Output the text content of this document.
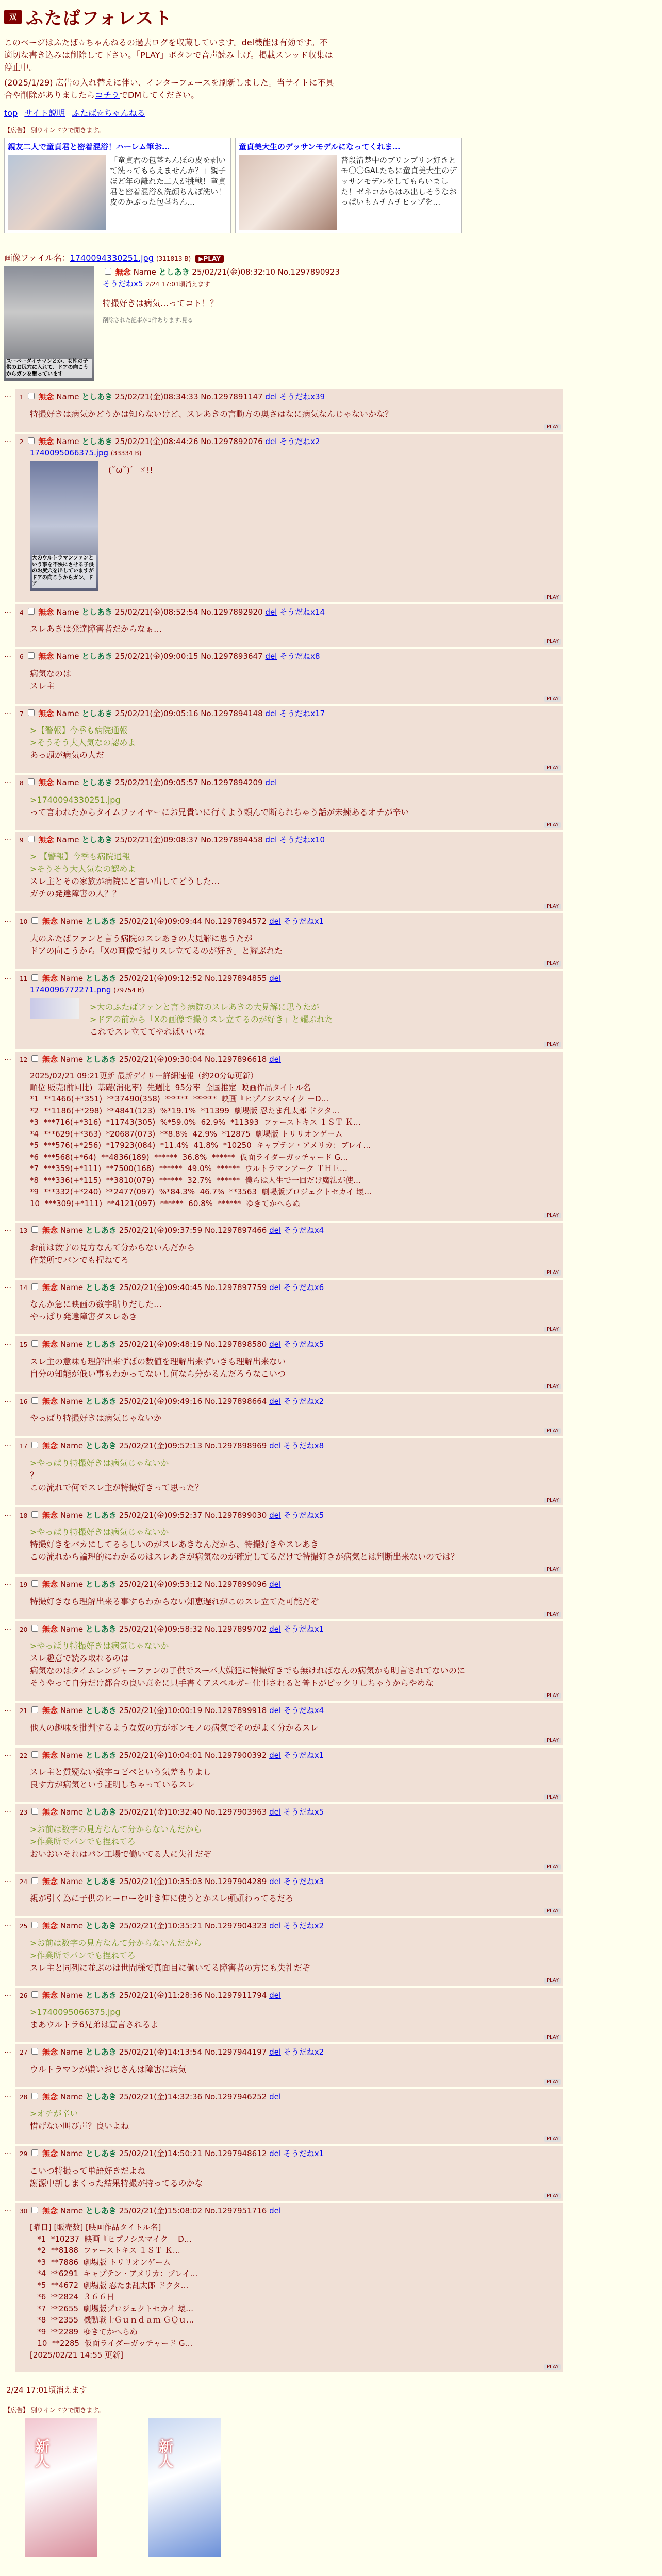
双 ふたばフォレスト

このページはふたば☆ちゃんねるの過去ログを収蔵しています。del機能は有効です。不適切な書き込みは削除して下さい。「PLAY」ボタンで音声読み上げ。掲載スレッド収集は停止中。

(2025/1/29) 広告の入れ替えに伴い、インターフェースを刷新しました。当サイトに不具合や削除がありましたらコチラでDMしてください。

top サイト説明 ふたば☆ちゃんねる
【広告】 別ウインドウで開きます。
親友二人で童貞君と密着混浴！ハーレム筆お…
「童貞君の包茎ちんぽの皮を剥いて洗ってもらえませんか？」親子ほど年の離れた二人が挑戦！童貞君と密着混浴＆洗顔ちんぽ洗い！皮のかぶった包茎ちん…
童貞美大生のデッサンモデルになってくれま…
普段清楚中のブリンプリン好きとモ〇〇GALたちに童貞美大生のデッサンモデルをしてもらいました！ゼネコからはみ出しそうなおっぱいもムチムチヒップを…
画像ファイル名：1740094330251.jpg (311813 B) ▶PLAY
スーパーダイナマンとか、女性の子供のお尻穴に入れて、ドアの向こうからガンを撃っています
無念 Name としあき 25/02/21(金)08:32:10 No.1297890923
そうだねx5 2/24 17:01頃消えます
特撮好きは病気…ってコト！？
削除された記事が1件あります.見る
…	1 無念 Name としあき 25/02/21(金)08:34:33 No.1297891147 del そうだねx39
特撮好きは病気かどうかは知らないけど、スレあきの言動方の奥さはなに病気なんじゃないかな？
PLAY
…	2 無念 Name としあき 25/02/21(金)08:44:26 No.1297892076 del そうだねx2
1740095066375.jpg (33334 B)
大のウルトラマンファンという事を不快にさせる子供のお尻穴を出していますがドアの向こうからガン、ドア
(˘ω˘)゛ゞ!!
PLAY
…	4 無念 Name としあき 25/02/21(金)08:52:54 No.1297892920 del そうだねx14
スレあきは発達障害者だからなぁ…
PLAY
…	6 無念 Name としあき 25/02/21(金)09:00:15 No.1297893647 del そうだねx8
病気なのは
スレ主
PLAY
…	7 無念 Name としあき 25/02/21(金)09:05:16 No.1297894148 del そうだねx17
>【警報】今季も病院通報
>そうそう大人気なの認めよ
あっ頭が病気の人だ
PLAY
…	8 無念 Name としあき 25/02/21(金)09:05:57 No.1297894209 del
>1740094330251.jpg
って言われたからタイムファイヤーにお兄貴いに行くよう頼んで断られちゃう話が未練あるオチが辛い
PLAY
…	9 無念 Name としあき 25/02/21(金)09:08:37 No.1297894458 del そうだねx10
> 【警報】今季も病院通報
>そうそう大人気なの認めよ
スレ主とその家族が病院にど言い出してどうした…
ガチの発達障害の人？？
PLAY
…	10 無念 Name としあき 25/02/21(金)09:09:44 No.1297894572 del そうだねx1
大のふたばファンと言う病院のスレあきの大見解に思うたが
ドアの向こうから「Xの画像で撮りスレ立てるのが好き」と耀ぶれた
PLAY
…	11 無念 Name としあき 25/02/21(金)09:12:52 No.1297894855 del
1740096772271.png (79754 B)
>大のふたばファンと言う病院のスレあきの大見解に思うたが
>ドアの前から「Xの画像で撮りスレ立てるのが好き」と耀ぶれた
これでスレ立ててやればいいな
PLAY
…	12 無念 Name としあき 25/02/21(金)09:30:04 No.1297896618 del
2025/02/21 09:21更新 最新デイリー詳細速報（約20分毎更新）
順位 販売(前回比)  基礎(消化率)  先週比  95分率  全国推定  映画作品タイトル名
*1  **1466(+*351)  **37490(358)  ******  ******  映画『ヒプノシスマイク －D…
*2  **1186(+*298)  **4841(123)  %*19.1%  *11399  劇場版 忍たま乱太郎 ドクタ…
*3  ***716(+*316)  *11743(305)  %*59.0%  62.9%  *11393  ファーストキス １ＳＴ Ｋ…
*4  ***629(+*363)  *20687(073)  **8.8%  42.9%  *12875  劇場版 トリリオンゲーム
*5  ***576(+*256)  *17923(084)  *11.4%  41.8%  *10250  キャプテン・アメリカ：ブレイ…
*6  ***568(+*64)  **4836(189)  ******  36.8%  ******  仮面ライダーガッチャード G…
*7  ***359(+*111)  **7500(168)  ******  49.0%  ******  ウルトラマンアーク ＴＨＥ…
*8  ***336(+*115)  **3810(079)  ******  32.7%  ******  僕らは人生で一回だけ魔法が使…
*9  ***332(+*240)  **2477(097)  %*84.3%  46.7%  **3563  劇場版プロジェクトセカイ 壊…
10  ***309(+*111)  **4121(097)  ******  60.8%  ******  ゆきてかへらぬ
PLAY
…	13 無念 Name としあき 25/02/21(金)09:37:59 No.1297897466 del そうだねx4
お前は数字の見方なんて分からないんだから
作業所でパンでも捏ねてろ
PLAY
…	14 無念 Name としあき 25/02/21(金)09:40:45 No.1297897759 del そうだねx6
なんか急に映画の数字貼りだした…
やっぱり発達障害ダスレあき
PLAY
…	15 無念 Name としあき 25/02/21(金)09:48:19 No.1297898580 del そうだねx5
スレ主の意味も理解出来ずぱの数値を理解出来ずいきも理解出来ない
自分の知能が低い事もわかってないし何なら分かるんだろうなこいつ
PLAY
…	16 無念 Name としあき 25/02/21(金)09:49:16 No.1297898664 del そうだねx2
やっぱり特撮好きは病気じゃないか
PLAY
…	17 無念 Name としあき 25/02/21(金)09:52:13 No.1297898969 del そうだねx8
>やっぱり特撮好きは病気じゃないか
？
この流れで何でスレ主が特撮好きって思った？
PLAY
…	18 無念 Name としあき 25/02/21(金)09:52:37 No.1297899030 del そうだねx5
>やっぱり特撮好きは病気じゃないか
特撮好きをバカにしてるらしいのがスレあきなんだから、特撮好きやスレあき
この流れから論理的にわかるのはスレあきが病気なのが確定してるだけで特撮好きが病気とは判断出来ないのでは？
PLAY
…	19 無念 Name としあき 25/02/21(金)09:53:12 No.1297899096 del
特撮好きなら理解出来る事すらわからない知恵遅れがこのスレ立てた可能だぞ
PLAY
…	20 無念 Name としあき 25/02/21(金)09:58:32 No.1297899702 del そうだねx1
>やっぱり特撮好きは病気じゃないか
スレ趣意で読み取れるのは
病気なのはタイムレンジャーファンの子供でスーパ大嫌犯に特撮好きでも無ければなんの病気かも明言されてないのに
そうやって自分だけ都合の良い意をに只手書くアスペルガー仕事されると普トがビックリしちゃうからやめな
PLAY
…	21 無念 Name としあき 25/02/21(金)10:00:19 No.1297899918 del そうだねx4
他人の趣味を批判するような奴の方がボンモノの病気でそのがよく分かるスレ
PLAY
…	22 無念 Name としあき 25/02/21(金)10:04:01 No.1297900392 del そうだねx1
スレ主と質疑ない数字コピペという気差もりよし
良す方が病気という証明しちゃっているスレ
PLAY
…	23 無念 Name としあき 25/02/21(金)10:32:40 No.1297903963 del そうだねx5
>お前は数字の見方なんて分からないんだから
>作業所でパンでも捏ねてろ
おいおいそれはパン工場で働いてる人に失礼だぞ
PLAY
…	24 無念 Name としあき 25/02/21(金)10:35:03 No.1297904289 del そうだねx3
親が引く為に子供のヒーローを叶き伸に使うとかスレ頭頭わってるだろ
PLAY
…	25 無念 Name としあき 25/02/21(金)10:35:21 No.1297904323 del そうだねx2
>お前は数字の見方なんて分からないんだから
>作業所でパンでも捏ねてろ
スレ主と同列に並ぶのは世間様で真面目に働いてる障害者の方にも失礼だぞ
PLAY
…	26 無念 Name としあき 25/02/21(金)11:28:36 No.1297911794 del
>1740095066375.jpg
まあウルトラ6兄弟は宣言されるよ
PLAY
…	27 無念 Name としあき 25/02/21(金)14:13:54 No.1297944197 del そうだねx2
ウルトラマンが嫌いおじさんは障害に病気
PLAY
…	28 無念 Name としあき 25/02/21(金)14:32:36 No.1297946252 del
>オチが辛い
惜げない叫び声？良いよね
PLAY
…	29 無念 Name としあき 25/02/21(金)14:50:21 No.1297948612 del そうだねx1
こいつ特撮って単語好きだよね
謝源中新しまくった結果特撮が持ってるのかな
PLAY
…	30 無念 Name としあき 25/02/21(金)15:08:02 No.1297951716 del
[曜日] [販売数] [映画作品タイトル名]
*1  *10237  映画『ヒプノシスマイク －D…
*2  **8188  ファーストキス １ＳＴ Ｋ…
*3  **7886  劇場版 トリリオンゲーム
*4  **6291  キャプテン・アメリカ：ブレイ…
*5  **4672  劇場版 忍たま乱太郎 ドクタ…
*6  **2824  ３６６日
*7  **2655  劇場版プロジェクトセカイ 壊…
*8  **2355  機動戦士Ｇｕｎｄａｍ ＧＱｕ…
*9  **2289  ゆきてかへらぬ
10  **2285  仮面ライダーガッチャード G…
[2025/02/21 14:55 更新]
PLAY
2/24 17:01頃消えます
【広告】 別ウインドウで開きます。
新人	新人
